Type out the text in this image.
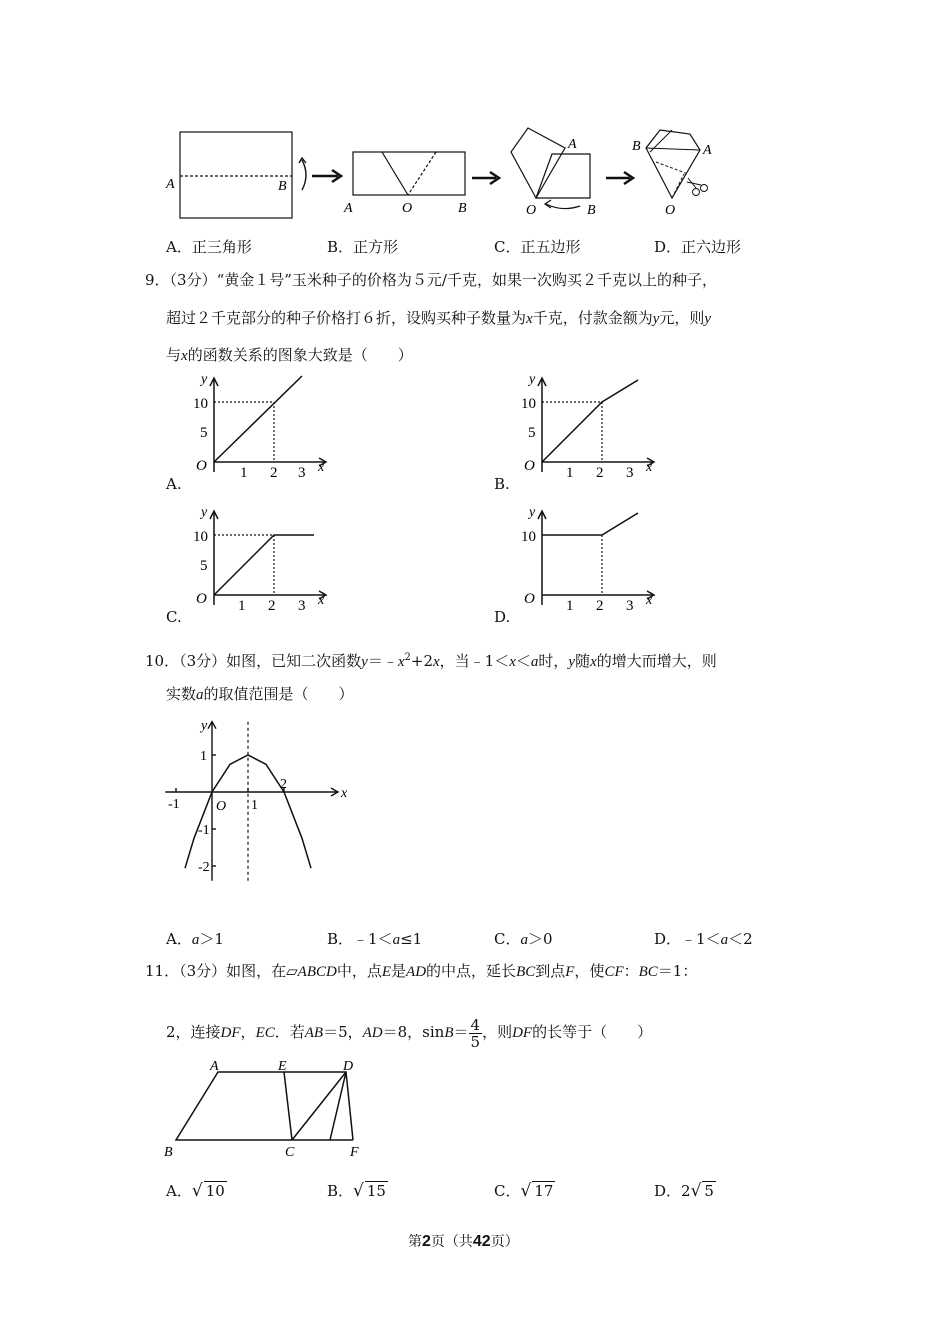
A	B
A	O	B
A
O	B
B	A
O
A．正三角形	B．正方形	C．正五边形	D．正六边形
9．（3分）“黄金１号”玉米种子的价格为５元/千克，如果一次购买２千克以上的种子，
超过２千克部分的种子价格打６折，设购买种子数量为x千克，付款金额为y元，则y
与x的函数关系的图象大致是（　　）
A.
y
10
5
O 1 2 3 x
B.
y
10
5
O 1 2 3 x
C.
y
10
5
O 1 2 3 x
D.
y
10
O 1 2 3 x
10．（3分）如图，已知二次函数$y=﹣x^2+2x$，当﹣1＜x＜a时，y随x的增大而增大，则
实数a的取值范围是（　　）
y
x
O
-1	1
2
1
-1
-2
A．a＞1	B．﹣1＜a≤1	C．a＞0	D．﹣1＜a＜2
11．（3分）如图，在▱ABCD中，点E是AD的中点，延长BC到点F，使CF：BC＝1：
2，连接DF，EC．若AB＝5，AD＝8，$\sin B= \frac{4}{5}$ ，则DF的长等于（　　）
A	E	D
B	C	F
A．√ 10	B．√ 15	C．√ 17	D．2√ 5
第2页（共42页）
